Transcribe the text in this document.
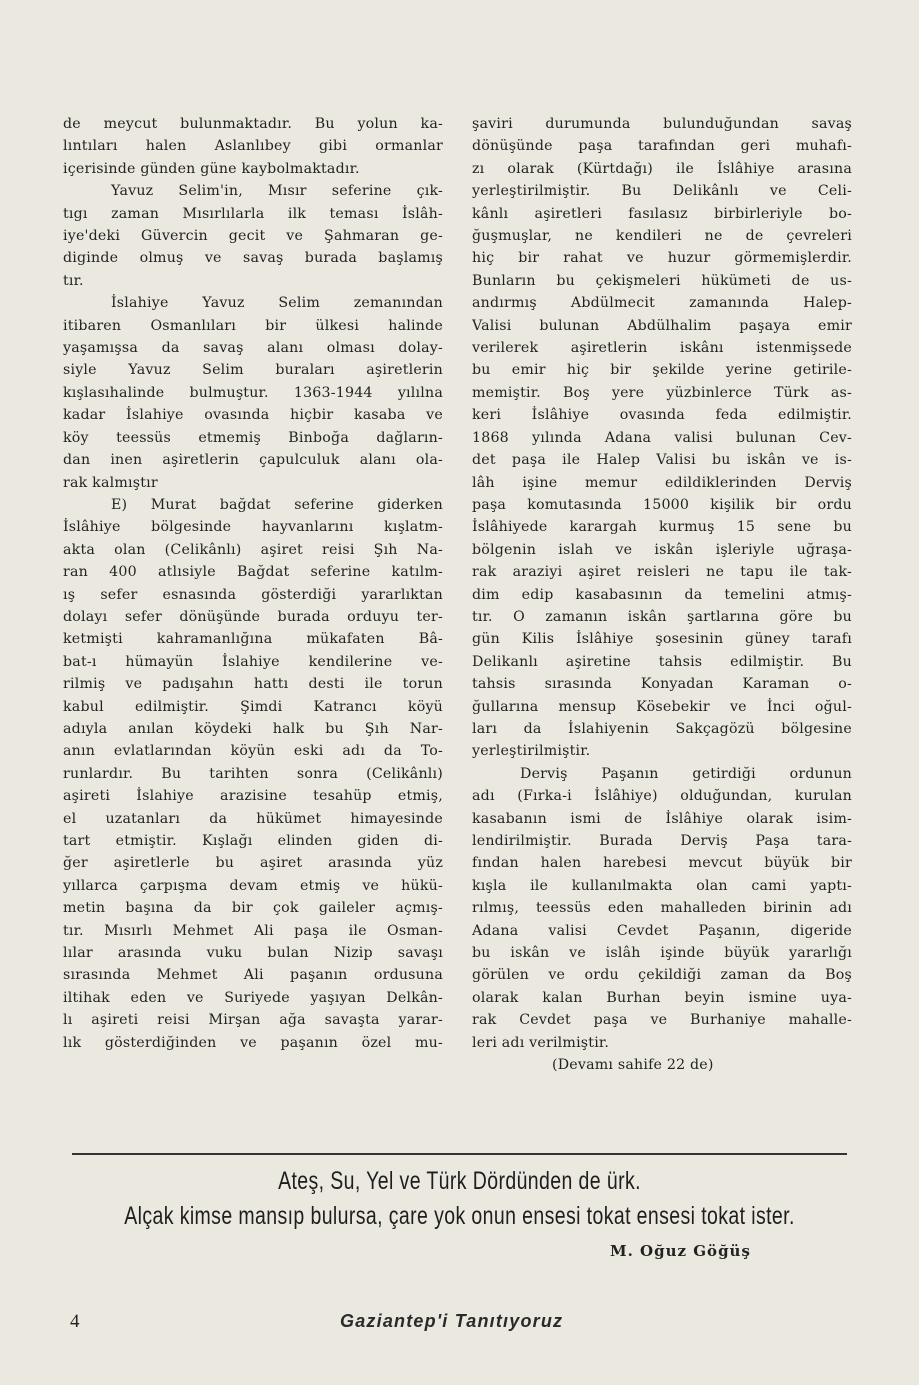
de meycut bulunmaktadır. Bu yolun ka-
lıntıları halen Aslanlıbey gibi ormanlar
içerisinde günden güne kaybolmaktadır.
Yavuz Selim'in, Mısır seferine çık-
tıgı zaman Mısırlılarla ilk teması İslâh-
iye'deki Güvercin gecit ve Şahmaran ge-
diginde olmuş ve savaş burada başlamış
tır.
İslahiye Yavuz Selim zemanından
itibaren Osmanlıları bir ülkesi halinde
yaşamışsa da savaş alanı olması dolay-
siyle Yavuz Selim buraları aşiretlerin
kışlasıhalinde bulmuştur. 1363-1944 yılılna
kadar İslahiye ovasında hiçbir kasaba ve
köy teessüs etmemiş Binboğa dağların-
dan inen aşiretlerin çapulculuk alanı ola-
rak kalmıştır
E) Murat bağdat seferine giderken
İslâhiye bölgesinde hayvanlarını kışlatm-
akta olan (Celikânlı) aşiret reisi Şıh Na-
ran 400 atlısiyle Bağdat seferine katılm-
ış sefer esnasında gösterdiği yararlıktan
dolayı sefer dönüşünde burada orduyu ter-
ketmişti kahramanlığına mükafaten Bâ-
bat-ı hümayün İslahiye kendilerine ve-
rilmiş ve padışahın hattı desti ile torun
kabul edilmiştir. Şimdi Katrancı köyü
adıyla anılan köydeki halk bu Şıh Nar-
anın evlatlarından köyün eski adı da To-
runlardır. Bu tarihten sonra (Celikânlı)
aşireti İslahiye arazisine tesahüp etmiş,
el uzatanları da hükümet himayesinde
tart etmiştir. Kışlağı elinden giden di-
ğer aşiretlerle bu aşiret arasında yüz
yıllarca çarpışma devam etmiş ve hükü-
metin başına da bir çok gaileler açmış-
tır. Mısırlı Mehmet Ali paşa ile Osman-
lılar arasında vuku bulan Nizip savaşı
sırasında Mehmet Ali paşanın ordusuna
iltihak eden ve Suriyede yaşıyan Delkân-
lı aşireti reisi Mirşan ağa savaşta yarar-
lık gösterdiğinden ve paşanın özel mu-
şaviri durumunda bulunduğundan savaş
dönüşünde paşa tarafından geri muhafı-
zı olarak (Kürtdağı) ile İslâhiye arasına
yerleştirilmiştir. Bu Delikânlı ve Celi-
kânlı aşiretleri fasılasız birbirleriyle bo-
ğuşmuşlar, ne kendileri ne de çevreleri
hiç bir rahat ve huzur görmemişlerdir.
Bunların bu çekişmeleri hükümeti de us-
andırmış Abdülmecit zamanında Halep-
Valisi bulunan Abdülhalim paşaya emir
verilerek aşiretlerin iskânı istenmişsede
bu emir hiç bir şekilde yerine getirile-
memiştir. Boş yere yüzbinlerce Türk as-
keri İslâhiye ovasında feda edilmiştir.
1868 yılında Adana valisi bulunan Cev-
det paşa ile Halep Valisi bu iskân ve is-
lâh işine memur edildiklerinden Derviş
paşa komutasında 15000 kişilik bir ordu
İslâhiyede karargah kurmuş 15 sene bu
bölgenin islah ve iskân işleriyle uğraşa-
rak araziyi aşiret reisleri ne tapu ile tak-
dim edip kasabasının da temelini atmış-
tır. O zamanın iskân şartlarına göre bu
gün Kilis İslâhiye şosesinin güney tarafı
Delikanlı aşiretine tahsis edilmiştir. Bu
tahsis sırasında Konyadan Karaman o-
ğullarına mensup Kösebekir ve İnci oğul-
ları da İslahiyenin Sakçagözü bölgesine
yerleştirilmiştir.
Derviş Paşanın getirdiği ordunun
adı (Fırka-i İslâhiye) olduğundan, kurulan
kasabanın ismi de İslâhiye olarak isim-
lendirilmiştir. Burada Derviş Paşa tara-
fından halen harebesi mevcut büyük bir
kışla ile kullanılmakta olan cami yaptı-
rılmış, teessüs eden mahalleden birinin adı
Adana valisi Cevdet Paşanın, digeride
bu iskân ve islâh işinde büyük yararlığı
görülen ve ordu çekildiği zaman da Boş
olarak kalan Burhan beyin ismine uya-
rak Cevdet paşa ve Burhaniye mahalle-
leri adı verilmiştir.
(Devamı sahife 22 de)
Ateş, Su, Yel ve Türk Dördünden de ürk.
Alçak kimse mansıp bulursa, çare yok onun ensesi tokat ensesi tokat ister.
M. Oğuz Göğüş
4	Gaziantep'i Tanıtıyoruz
